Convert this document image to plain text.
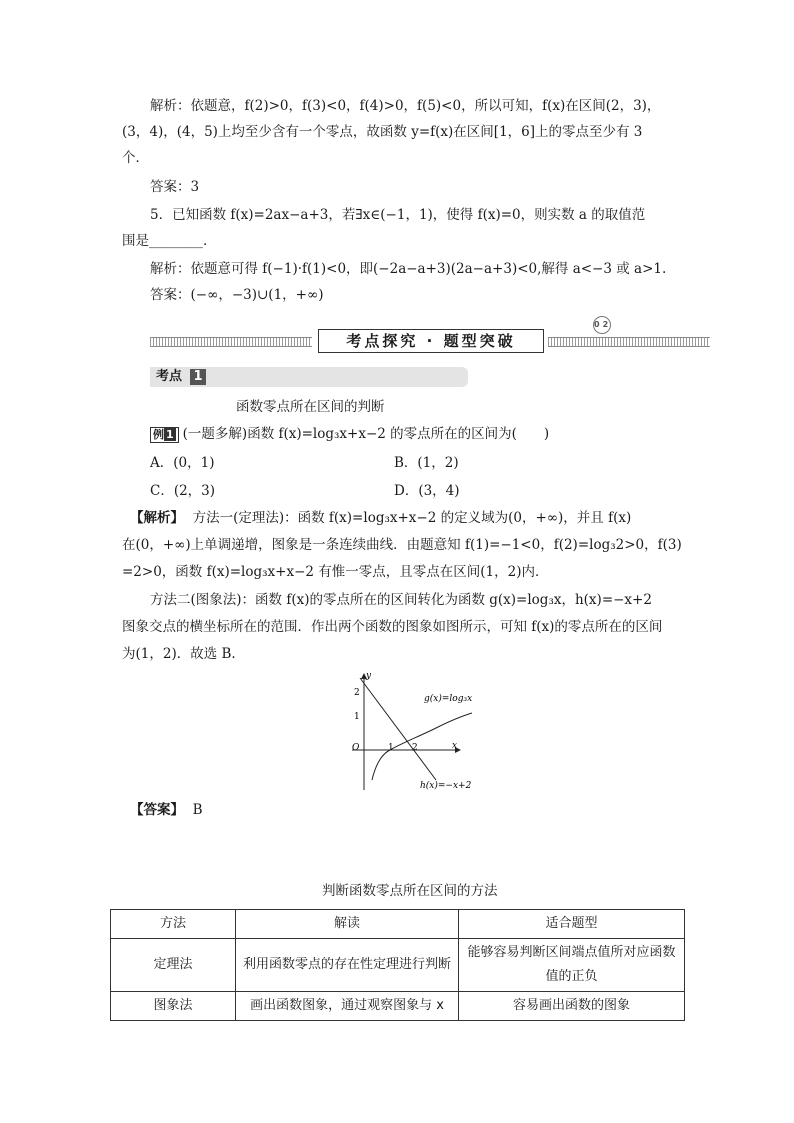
解析：依题意，f(2)>0，f(3)<0，f(4)>0，f(5)<0，所以可知，f(x)在区间(2，3)，
(3，4)，(4，5)上均至少含有一个零点，故函数 y=f(x)在区间[1，6]上的零点至少有 3
个．
答案：3
5．已知函数 f(x)=2ax−a+3，若∃x∈(−1，1)，使得 f(x)=0，则实数 a 的取值范
围是________．
解析：依题意可得 f(−1)·f(1)<0，即(−2a−a+3)(2a−a+3)<0,解得 a<−3 或 a>1.
答案：(−∞，−3)∪(1，+∞)
考点探究 · 题型突破
02
考点 1
函数零点所在区间的判断
例 1 (一题多解)函数 f(x)=log₃x+x−2 的零点所在的区间为(　　)
A．(0，1)	B．(1，2)
C．(2，3)	D．(3，4)
【解析】 方法一(定理法)：函数 f(x)=log₃x+x−2 的定义域为(0，+∞)，并且 f(x)
在(0，+∞)上单调递增，图象是一条连续曲线．由题意知 f(1)=−1<0，f(2)=log₃2>0，f(3)
=2>0，函数 f(x)=log₃x+x−2 有惟一零点，且零点在区间(1，2)内．
方法二(图象法)：函数 f(x)的零点所在的区间转化为函数 g(x)=log₃x，h(x)=−x+2
图象交点的横坐标所在的范围．作出两个函数的图象如图所示，可知 f(x)的零点所在的区间
为(1，2)．故选 B.
y
x
O
2
1
1 2
g(x)=log₃x
h(x)=−x+2
【答案】 B
判断函数零点所在区间的方法
方法	解读	适合题型
定理法	利用函数零点的存在性定理进行判断	能够容易判断区间端点值所对应函数值的正负
图象法	画出函数图象，通过观察图象与 x	容易画出函数的图象
